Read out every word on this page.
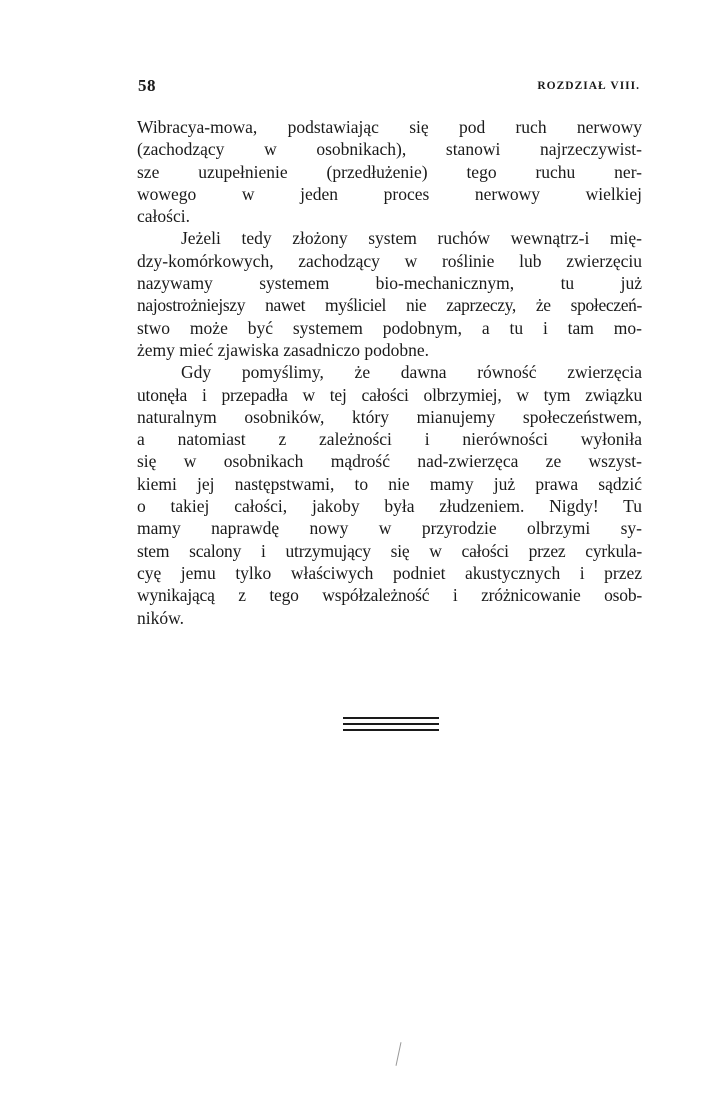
58	ROZDZIAŁ VIII.
Wibracya-mowa, podstawiając się pod ruch nerwowy
(zachodzący w osobnikach), stanowi najrzeczywist-
sze uzupełnienie (przedłużenie) tego ruchu ner-
wowego w jeden proces nerwowy wielkiej
całości.
Jeżeli tedy złożony system ruchów wewnątrz-i mię-
dzy-komórkowych, zachodzący w roślinie lub zwierzęciu
nazywamy systemem bio-mechanicznym, tu już
najostrożniejszy nawet myśliciel nie zaprzeczy, że społeczeń-
stwo może być systemem podobnym, a tu i tam mo-
żemy mieć zjawiska zasadniczo podobne.
Gdy pomyślimy, że dawna równość zwierzęcia
utonęła i przepadła w tej całości olbrzymiej, w tym związku
naturalnym osobników, który mianujemy społeczeństwem,
a natomiast z zależności i nierówności wyłoniła
się w osobnikach mądrość nad-zwierzęca ze wszyst-
kiemi jej następstwami, to nie mamy już prawa sądzić
o takiej całości, jakoby była złudzeniem. Nigdy! Tu
mamy naprawdę nowy w przyrodzie olbrzymi sy-
stem scalony i utrzymujący się w całości przez cyrkula-
cyę jemu tylko właściwych podniet akustycznych i przez
wynikającą z tego współzależność i zróżnicowanie osob-
ników.
